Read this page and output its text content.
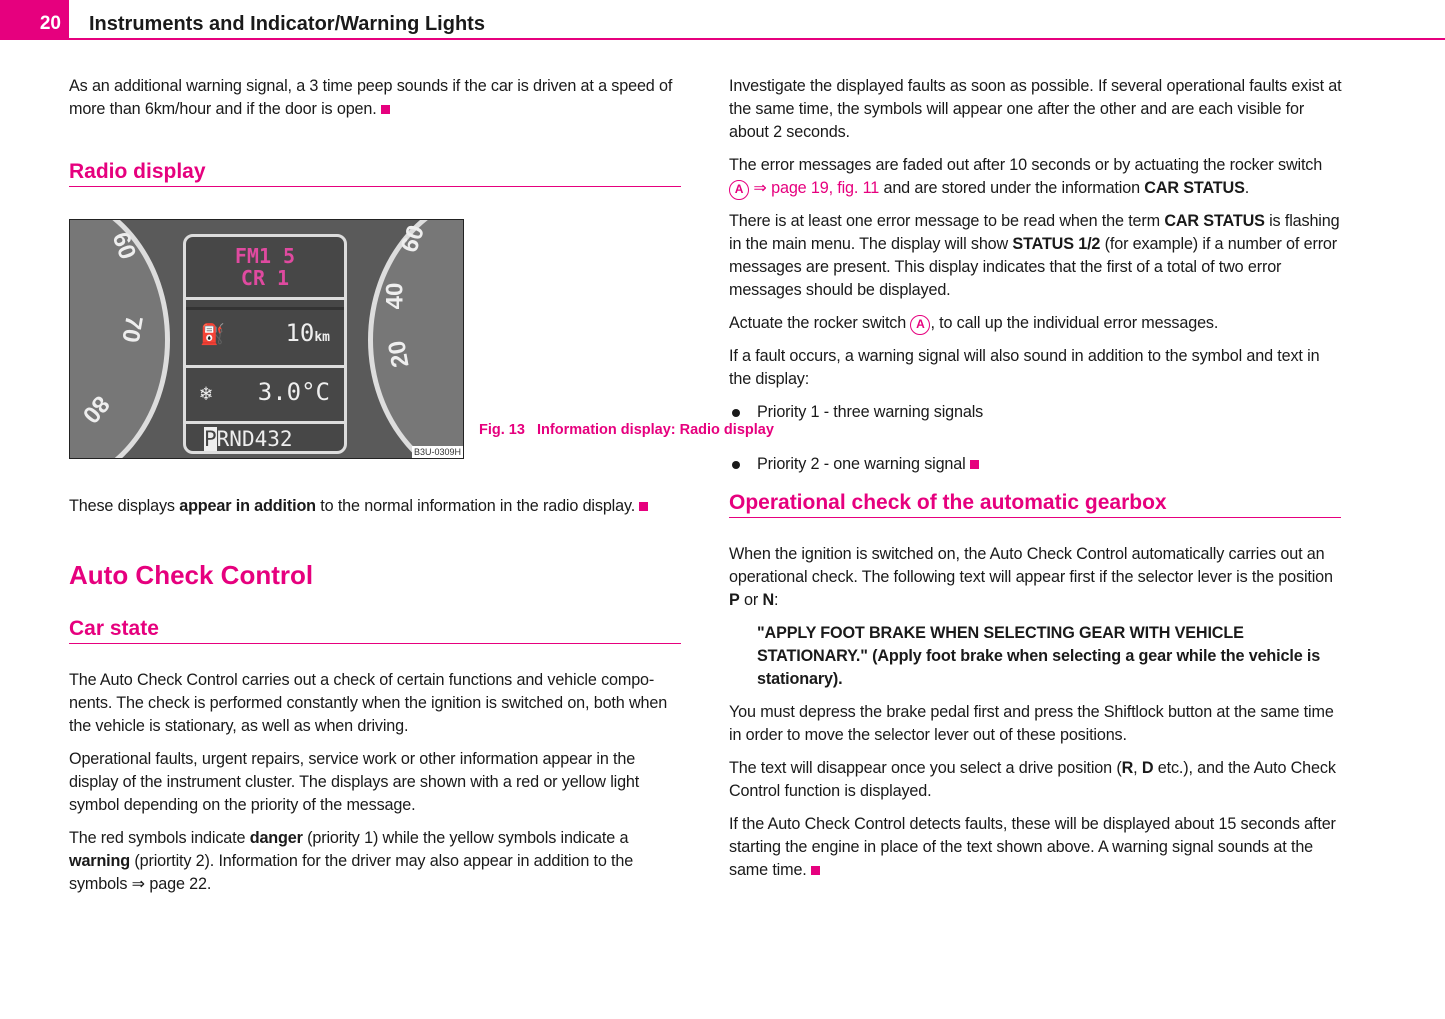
20	Instruments and Indicator/Warning Lights
As an additional warning signal, a 3 time peep sounds if the car is driven at a speed of more than 6km/hour and if the door is open.
Radio display
60
70
80
60
40
20
FM1 5
CR 1
⛽	10km
❄ 3.0°C
PRND432
B3U-0309H
Fig. 13 Information display: Radio display
These displays appear in addition to the normal information in the radio display.
Auto Check Control
Car state
The Auto Check Control carries out a check of certain functions and vehicle compo-nents. The check is performed constantly when the ignition is switched on, both when the vehicle is stationary, as well as when driving.
Operational faults, urgent repairs, service work or other information appear in the display of the instrument cluster. The displays are shown with a red or yellow light symbol depending on the priority of the message.
The red symbols indicate danger (priority 1) while the yellow symbols indicate a warning (priortity 2). Information for the driver may also appear in addition to the symbols ⇒ page 22.
Investigate the displayed faults as soon as possible. If several operational faults exist at the same time, the symbols will appear one after the other and are each visible for about 2 seconds.
The error messages are faded out after 10 seconds or by actuating the rocker switch A ⇒ page 19, fig. 11 and are stored under the information CAR STATUS.
There is at least one error message to be read when the term CAR STATUS is flashing in the main menu. The display will show STATUS 1/2 (for example) if a number of error messages are present. This display indicates that the first of a total of two error messages should be displayed.
Actuate the rocker switch A , to call up the individual error messages.
If a fault occurs, a warning signal will also sound in addition to the symbol and text in the display:
Priority 1 - three warning signals
Priority 2 - one warning signal
Operational check of the automatic gearbox
When the ignition is switched on, the Auto Check Control automatically carries out an operational check. The following text will appear first if the selector lever is the position P or N:
"APPLY FOOT BRAKE WHEN SELECTING GEAR WITH VEHICLE STATIONARY." (Apply foot brake when selecting a gear while the vehicle is stationary).
You must depress the brake pedal first and press the Shiftlock button at the same time in order to move the selector lever out of these positions.
The text will disappear once you select a drive position (R, D etc.), and the Auto Check Control function is displayed.
If the Auto Check Control detects faults, these will be displayed about 15 seconds after starting the engine in place of the text shown above. A warning signal sounds at the same time.
